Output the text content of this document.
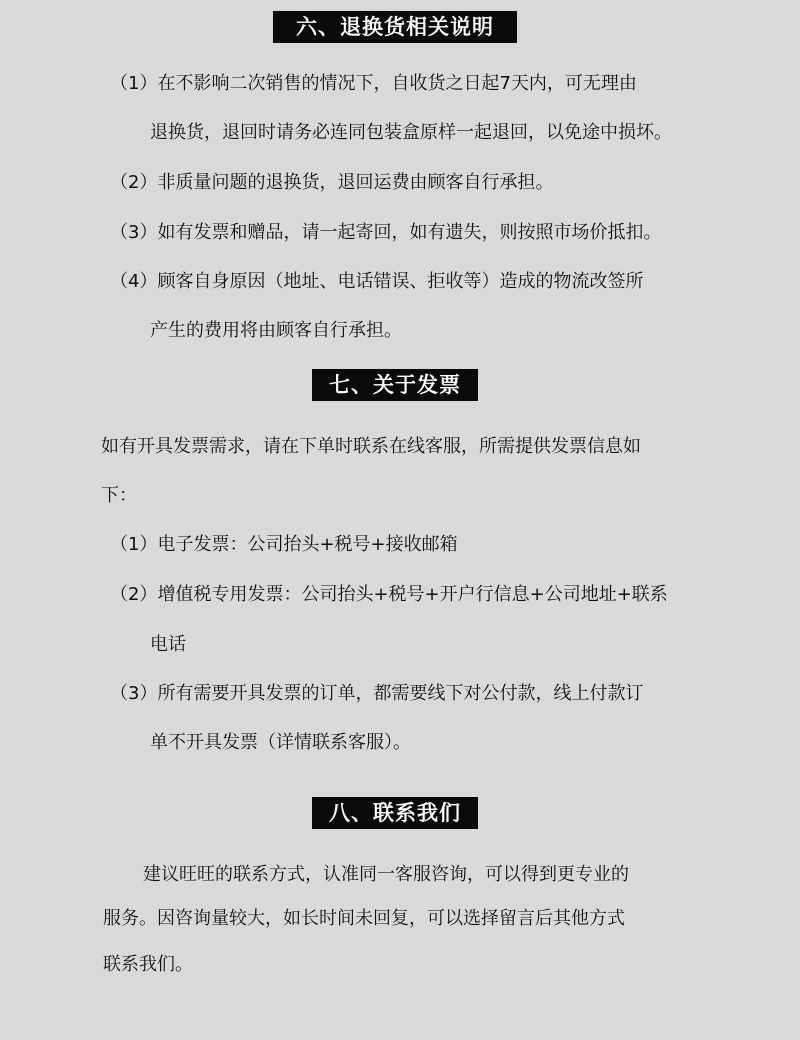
六、退换货相关说明
（1）在不影响二次销售的情况下，自收货之日起7天内，可无理由
退换货，退回时请务必连同包装盒原样一起退回，以免途中损坏。
（2）非质量问题的退换货，退回运费由顾客自行承担。
（3）如有发票和赠品，请一起寄回，如有遗失，则按照市场价抵扣。
（4）顾客自身原因（地址、电话错误、拒收等）造成的物流改签所
产生的费用将由顾客自行承担。
七、关于发票
如有开具发票需求，请在下单时联系在线客服，所需提供发票信息如
下：
（1）电子发票：公司抬头+税号+接收邮箱
（2）增值税专用发票：公司抬头+税号+开户行信息+公司地址+联系
电话
（3）所有需要开具发票的订单，都需要线下对公付款，线上付款订
单不开具发票（详情联系客服）。
八、联系我们
建议旺旺的联系方式，认准同一客服咨询，可以得到更专业的
服务。因咨询量较大，如长时间未回复，可以选择留言后其他方式
联系我们。
